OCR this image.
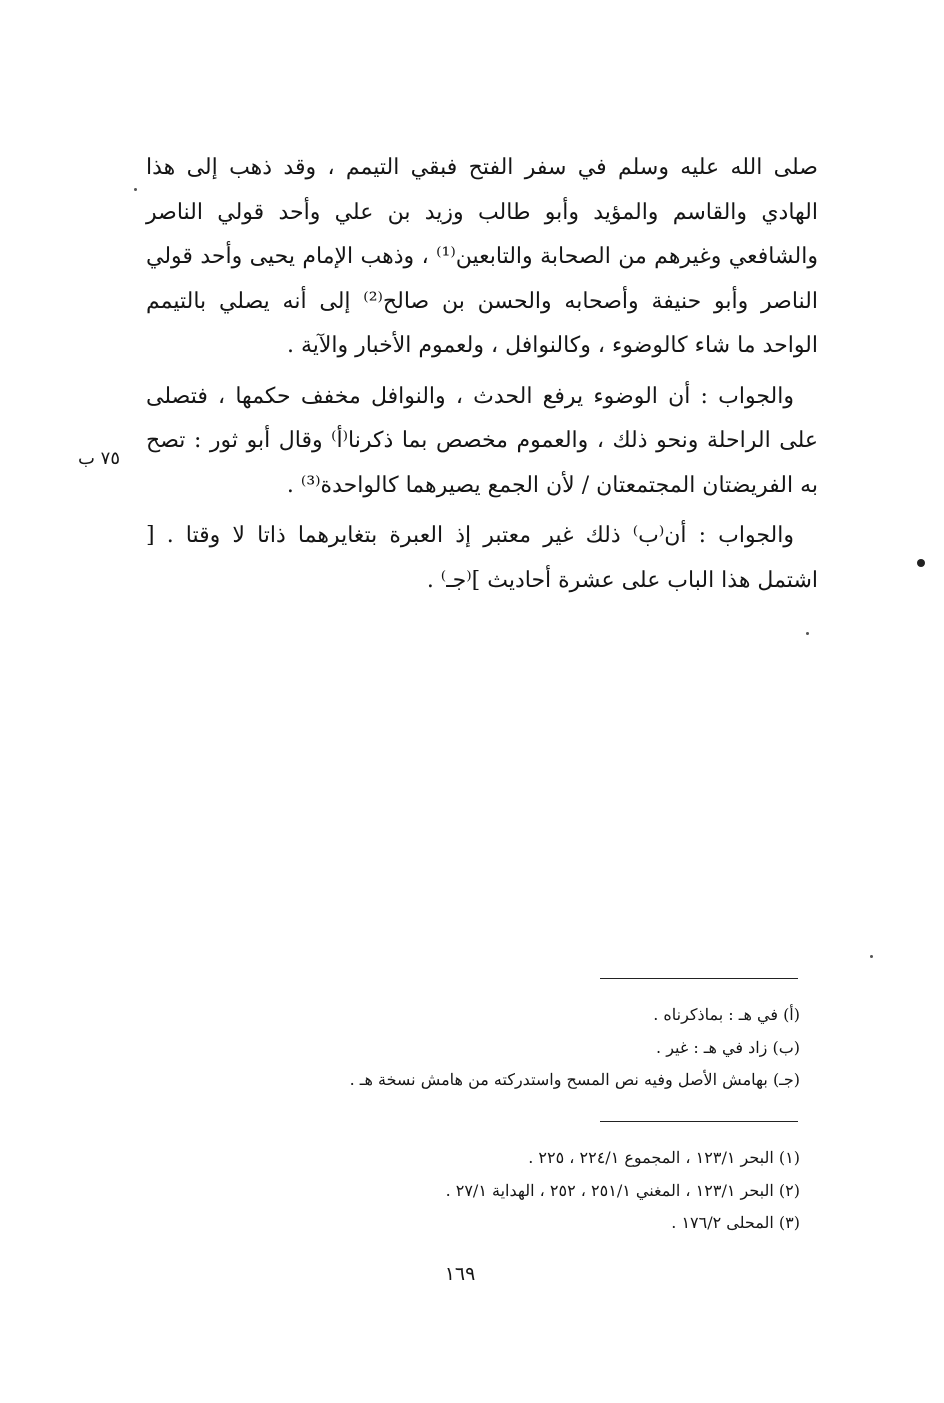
صلى الله عليه وسلم في سفر الفتح فبقي التيمم ، وقد ذهب إلى هذا الهادي والقاسم والمؤيد وأبو طالب وزيد بن علي وأحد قولي الناصر والشافعي وغيرهم من الصحابة والتابعين⁽¹⁾ ، وذهب الإمام يحيى وأحد قولي الناصر وأبو حنيفة وأصحابه والحسن بن صالح⁽²⁾ إلى أنه يصلي بالتيمم الواحد ما شاء كالوضوء ، وكالنوافل ، ولعموم الأخبار والآية .

والجواب : أن الوضوء يرفع الحدث ، والنوافل مخفف حكمها ، فتصلى على الراحلة ونحو ذلك ، والعموم مخصص بما ذكرنا⁽أ⁾ وقال أبو ثور : تصح به الفريضتان المجتمعتان / لأن الجمع يصيرهما كالواحدة⁽³⁾ .

والجواب : أن⁽ب⁾ ذلك غير معتبر إذ العبرة بتغايرهما ذاتا لا وقتا . [ اشتمل هذا الباب على عشرة أحاديث ]⁽جـ⁾ .

٧٥ ب
(أ) في هـ : بماذكرناه .
(ب) زاد في هـ : غير .
(جـ) بهامش الأصل وفيه نص المسح واستدركته من هامش نسخة هـ .
(١) البحر ١٢٣/١ ، المجموع ٢٢٤/١ ، ٢٢٥ .
(٢) البحر ١٢٣/١ ، المغني ٢٥١/١ ، ٢٥٢ ، الهداية ٢٧/١ .
(٣) المحلى ١٧٦/٢ .
١٦٩
